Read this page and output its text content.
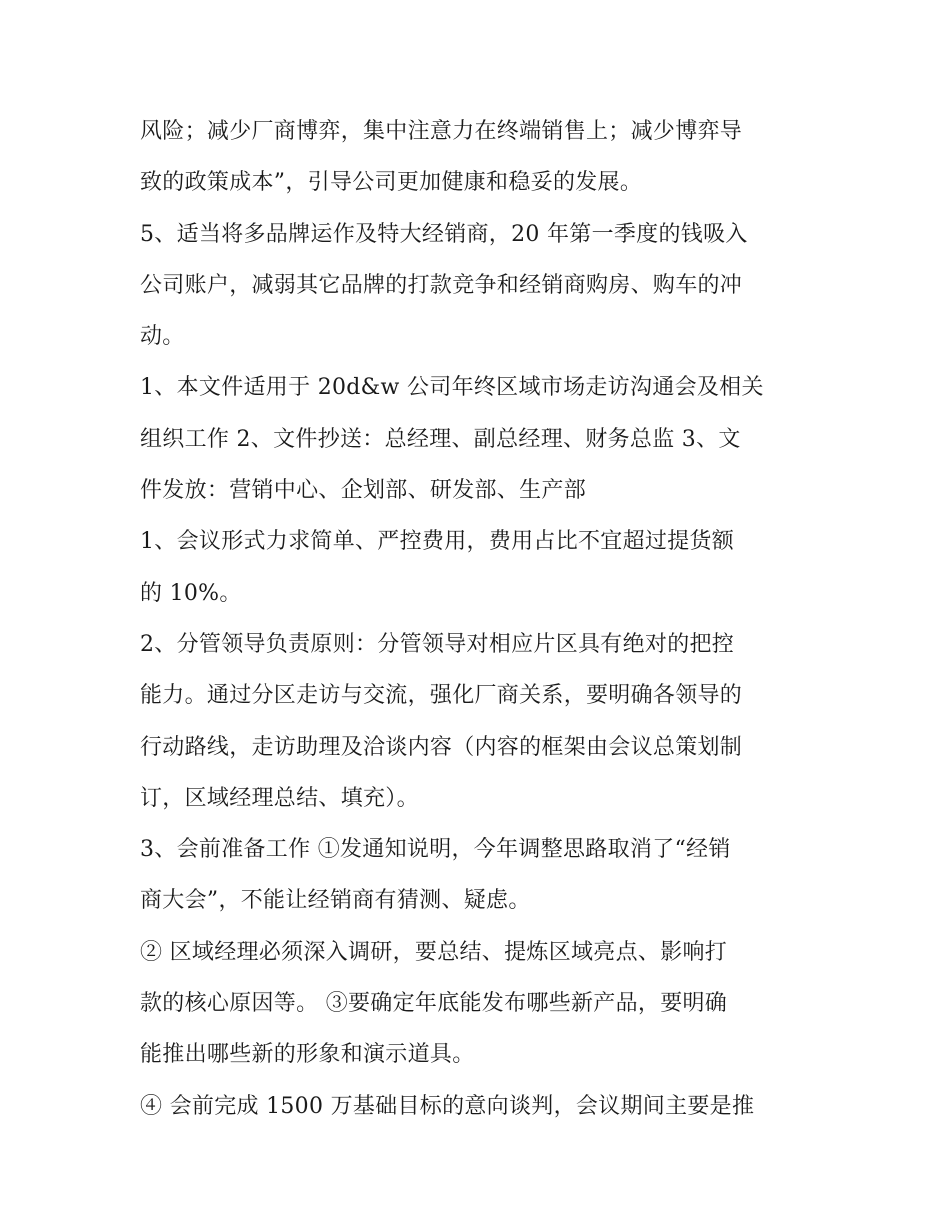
风险；减少厂商博弈，集中注意力在终端销售上；减少博弈导
致的政策成本”，引导公司更加健康和稳妥的发展。
5、适当将多品牌运作及特大经销商，20 年第一季度的钱吸入
公司账户，减弱其它品牌的打款竞争和经销商购房、购车的冲
动。
1、本文件适用于 20d&w 公司年终区域市场走访沟通会及相关
组织工作 2、文件抄送：总经理、副总经理、财务总监 3、文
件发放：营销中心、企划部、研发部、生产部
1、会议形式力求简单、严控费用，费用占比不宜超过提货额
的 10%。
2、分管领导负责原则：分管领导对相应片区具有绝对的把控
能力。通过分区走访与交流，强化厂商关系，要明确各领导的
行动路线，走访助理及洽谈内容（内容的框架由会议总策划制
订，区域经理总结、填充）。
3、会前准备工作 ①发通知说明，今年调整思路取消了“经销
商大会”，不能让经销商有猜测、疑虑。
② 区域经理必须深入调研，要总结、提炼区域亮点、影响打
款的核心原因等。 ③要确定年底能发布哪些新产品，要明确
能推出哪些新的形象和演示道具。
④ 会前完成 1500 万基础目标的意向谈判，会议期间主要是推
